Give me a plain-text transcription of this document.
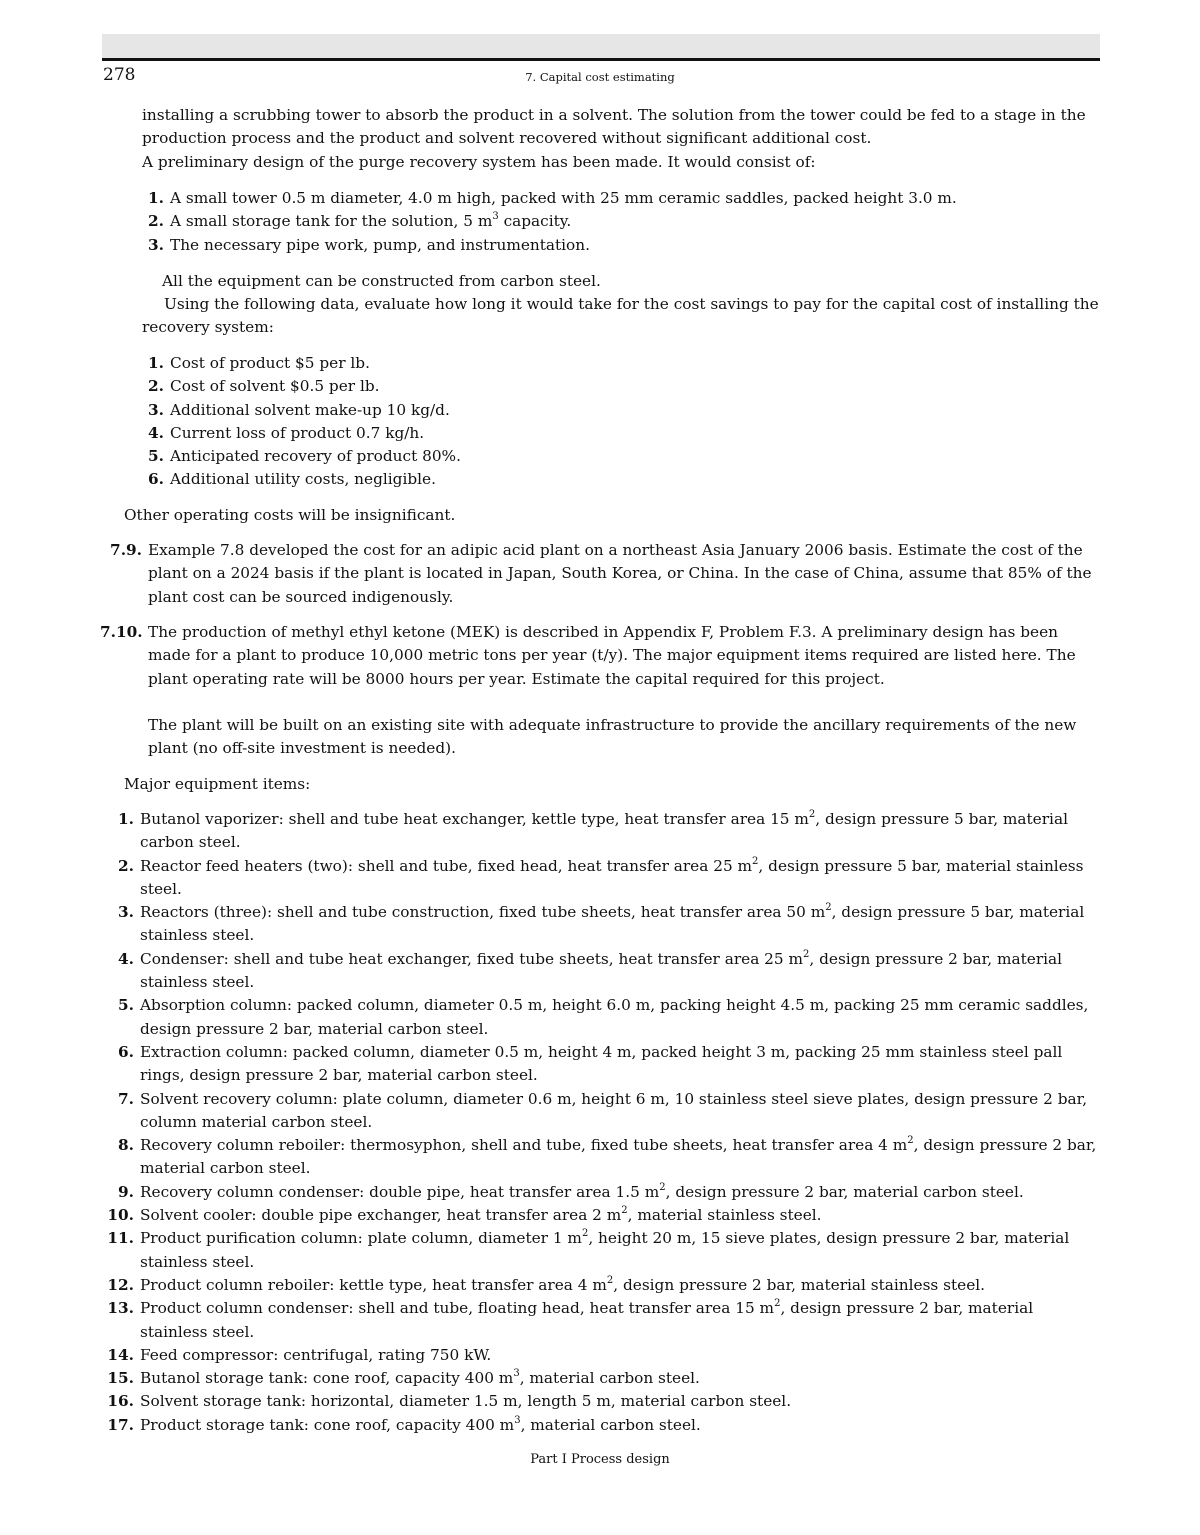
278	7. Capital cost estimating

installing a scrubbing tower to absorb the product in a solvent. The solution from the tower could be fed to a stage in the production process and the product and solvent recovered without significant additional cost.

A preliminary design of the purge recovery system has been made. It would consist of:

1. A small tower 0.5 m diameter, 4.0 m high, packed with 25 mm ceramic saddles, packed height 3.0 m.
2. A small storage tank for the solution, 5 $m^3$ capacity.
3. The necessary pipe work, pump, and instrumentation.

All the equipment can be constructed from carbon steel.

Using the following data, evaluate how long it would take for the cost savings to pay for the capital cost of installing the recovery system:

1. Cost of product $5 per lb.
2. Cost of solvent $0.5 per lb.
3. Additional solvent make-up 10 kg/d.
4. Current loss of product 0.7 kg/h.
5. Anticipated recovery of product 80%.
6. Additional utility costs, negligible.

Other operating costs will be insignificant.

7.9. Example 7.8 developed the cost for an adipic acid plant on a northeast Asia January 2006 basis. Estimate the cost of the plant on a 2024 basis if the plant is located in Japan, South Korea, or China. In the case of China, assume that 85% of the plant cost can be sourced indigenously.
7.10. The production of methyl ethyl ketone (MEK) is described in Appendix F, Problem F.3. A preliminary design has been made for a plant to produce 10,000 metric tons per year (t/y). The major equipment items required are listed here. The plant operating rate will be 8000 hours per year. Estimate the capital required for this project.

The plant will be built on an existing site with adequate infrastructure to provide the ancillary requirements of the new plant (no off-site investment is needed).

Major equipment items:

1. Butanol vaporizer: shell and tube heat exchanger, kettle type, heat transfer area 15 $m^2$, design pressure 5 bar, material carbon steel.
2. Reactor feed heaters (two): shell and tube, fixed head, heat transfer area 25 $m^2$, design pressure 5 bar, material stainless steel.
3. Reactors (three): shell and tube construction, fixed tube sheets, heat transfer area 50 $m^2$, design pressure 5 bar, material stainless steel.
4. Condenser: shell and tube heat exchanger, fixed tube sheets, heat transfer area 25 $m^2$, design pressure 2 bar, material stainless steel.
5. Absorption column: packed column, diameter 0.5 m, height 6.0 m, packing height 4.5 m, packing 25 mm ceramic saddles, design pressure 2 bar, material carbon steel.
6. Extraction column: packed column, diameter 0.5 m, height 4 m, packed height 3 m, packing 25 mm stainless steel pall rings, design pressure 2 bar, material carbon steel.
7. Solvent recovery column: plate column, diameter 0.6 m, height 6 m, 10 stainless steel sieve plates, design pressure 2 bar, column material carbon steel.
8. Recovery column reboiler: thermosyphon, shell and tube, fixed tube sheets, heat transfer area 4 $m^2$, design pressure 2 bar, material carbon steel.
9. Recovery column condenser: double pipe, heat transfer area 1.5 $m^2$, design pressure 2 bar, material carbon steel.
10. Solvent cooler: double pipe exchanger, heat transfer area 2 $m^2$, material stainless steel.
11. Product purification column: plate column, diameter 1 $m^2$, height 20 m, 15 sieve plates, design pressure 2 bar, material stainless steel.
12. Product column reboiler: kettle type, heat transfer area 4 $m^2$, design pressure 2 bar, material stainless steel.
13. Product column condenser: shell and tube, floating head, heat transfer area 15 $m^2$, design pressure 2 bar, material stainless steel.
14. Feed compressor: centrifugal, rating 750 kW.
15. Butanol storage tank: cone roof, capacity 400 $m^3$, material carbon steel.
16. Solvent storage tank: horizontal, diameter 1.5 m, length 5 m, material carbon steel.
17. Product storage tank: cone roof, capacity 400 $m^3$, material carbon steel.
Part I Process design
